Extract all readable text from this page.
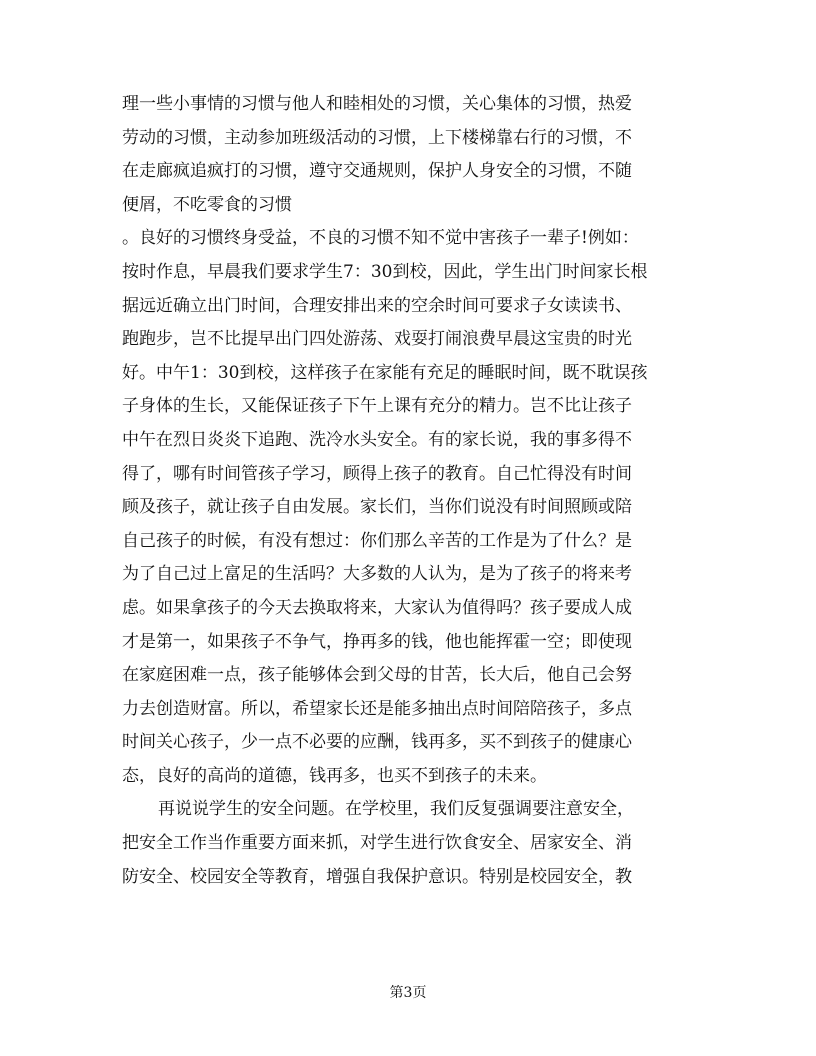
理一些小事情的习惯与他人和睦相处的习惯，关心集体的习惯，热爱
劳动的习惯，主动参加班级活动的习惯，上下楼梯靠右行的习惯，不
在走廊疯追疯打的习惯，遵守交通规则，保护人身安全的习惯，不随
便屑，不吃零食的习惯
。良好的习惯终身受益，不良的习惯不知不觉中害孩子一辈子!例如：
按时作息，早晨我们要求学生7：30到校，因此，学生出门时间家长根
据远近确立出门时间，合理安排出来的空余时间可要求子女读读书、
跑跑步，岂不比提早出门四处游荡、戏耍打闹浪费早晨这宝贵的时光
好。中午1：30到校，这样孩子在家能有充足的睡眠时间，既不耽误孩
子身体的生长，又能保证孩子下午上课有充分的精力。岂不比让孩子
中午在烈日炎炎下追跑、洗冷水头安全。有的家长说，我的事多得不
得了，哪有时间管孩子学习，顾得上孩子的教育。自己忙得没有时间
顾及孩子，就让孩子自由发展。家长们，当你们说没有时间照顾或陪
自己孩子的时候，有没有想过：你们那么辛苦的工作是为了什么？是
为了自己过上富足的生活吗？大多数的人认为，是为了孩子的将来考
虑。如果拿孩子的今天去换取将来，大家认为值得吗？孩子要成人成
才是第一，如果孩子不争气，挣再多的钱，他也能挥霍一空；即使现
在家庭困难一点，孩子能够体会到父母的甘苦，长大后，他自己会努
力去创造财富。所以，希望家长还是能多抽出点时间陪陪孩子，多点
时间关心孩子，少一点不必要的应酬，钱再多，买不到孩子的健康心
态，良好的高尚的道德，钱再多，也买不到孩子的未来。
再说说学生的安全问题。在学校里，我们反复强调要注意安全，
把安全工作当作重要方面来抓，对学生进行饮食安全、居家安全、消
防安全、校园安全等教育，增强自我保护意识。特别是校园安全，教
第3页
